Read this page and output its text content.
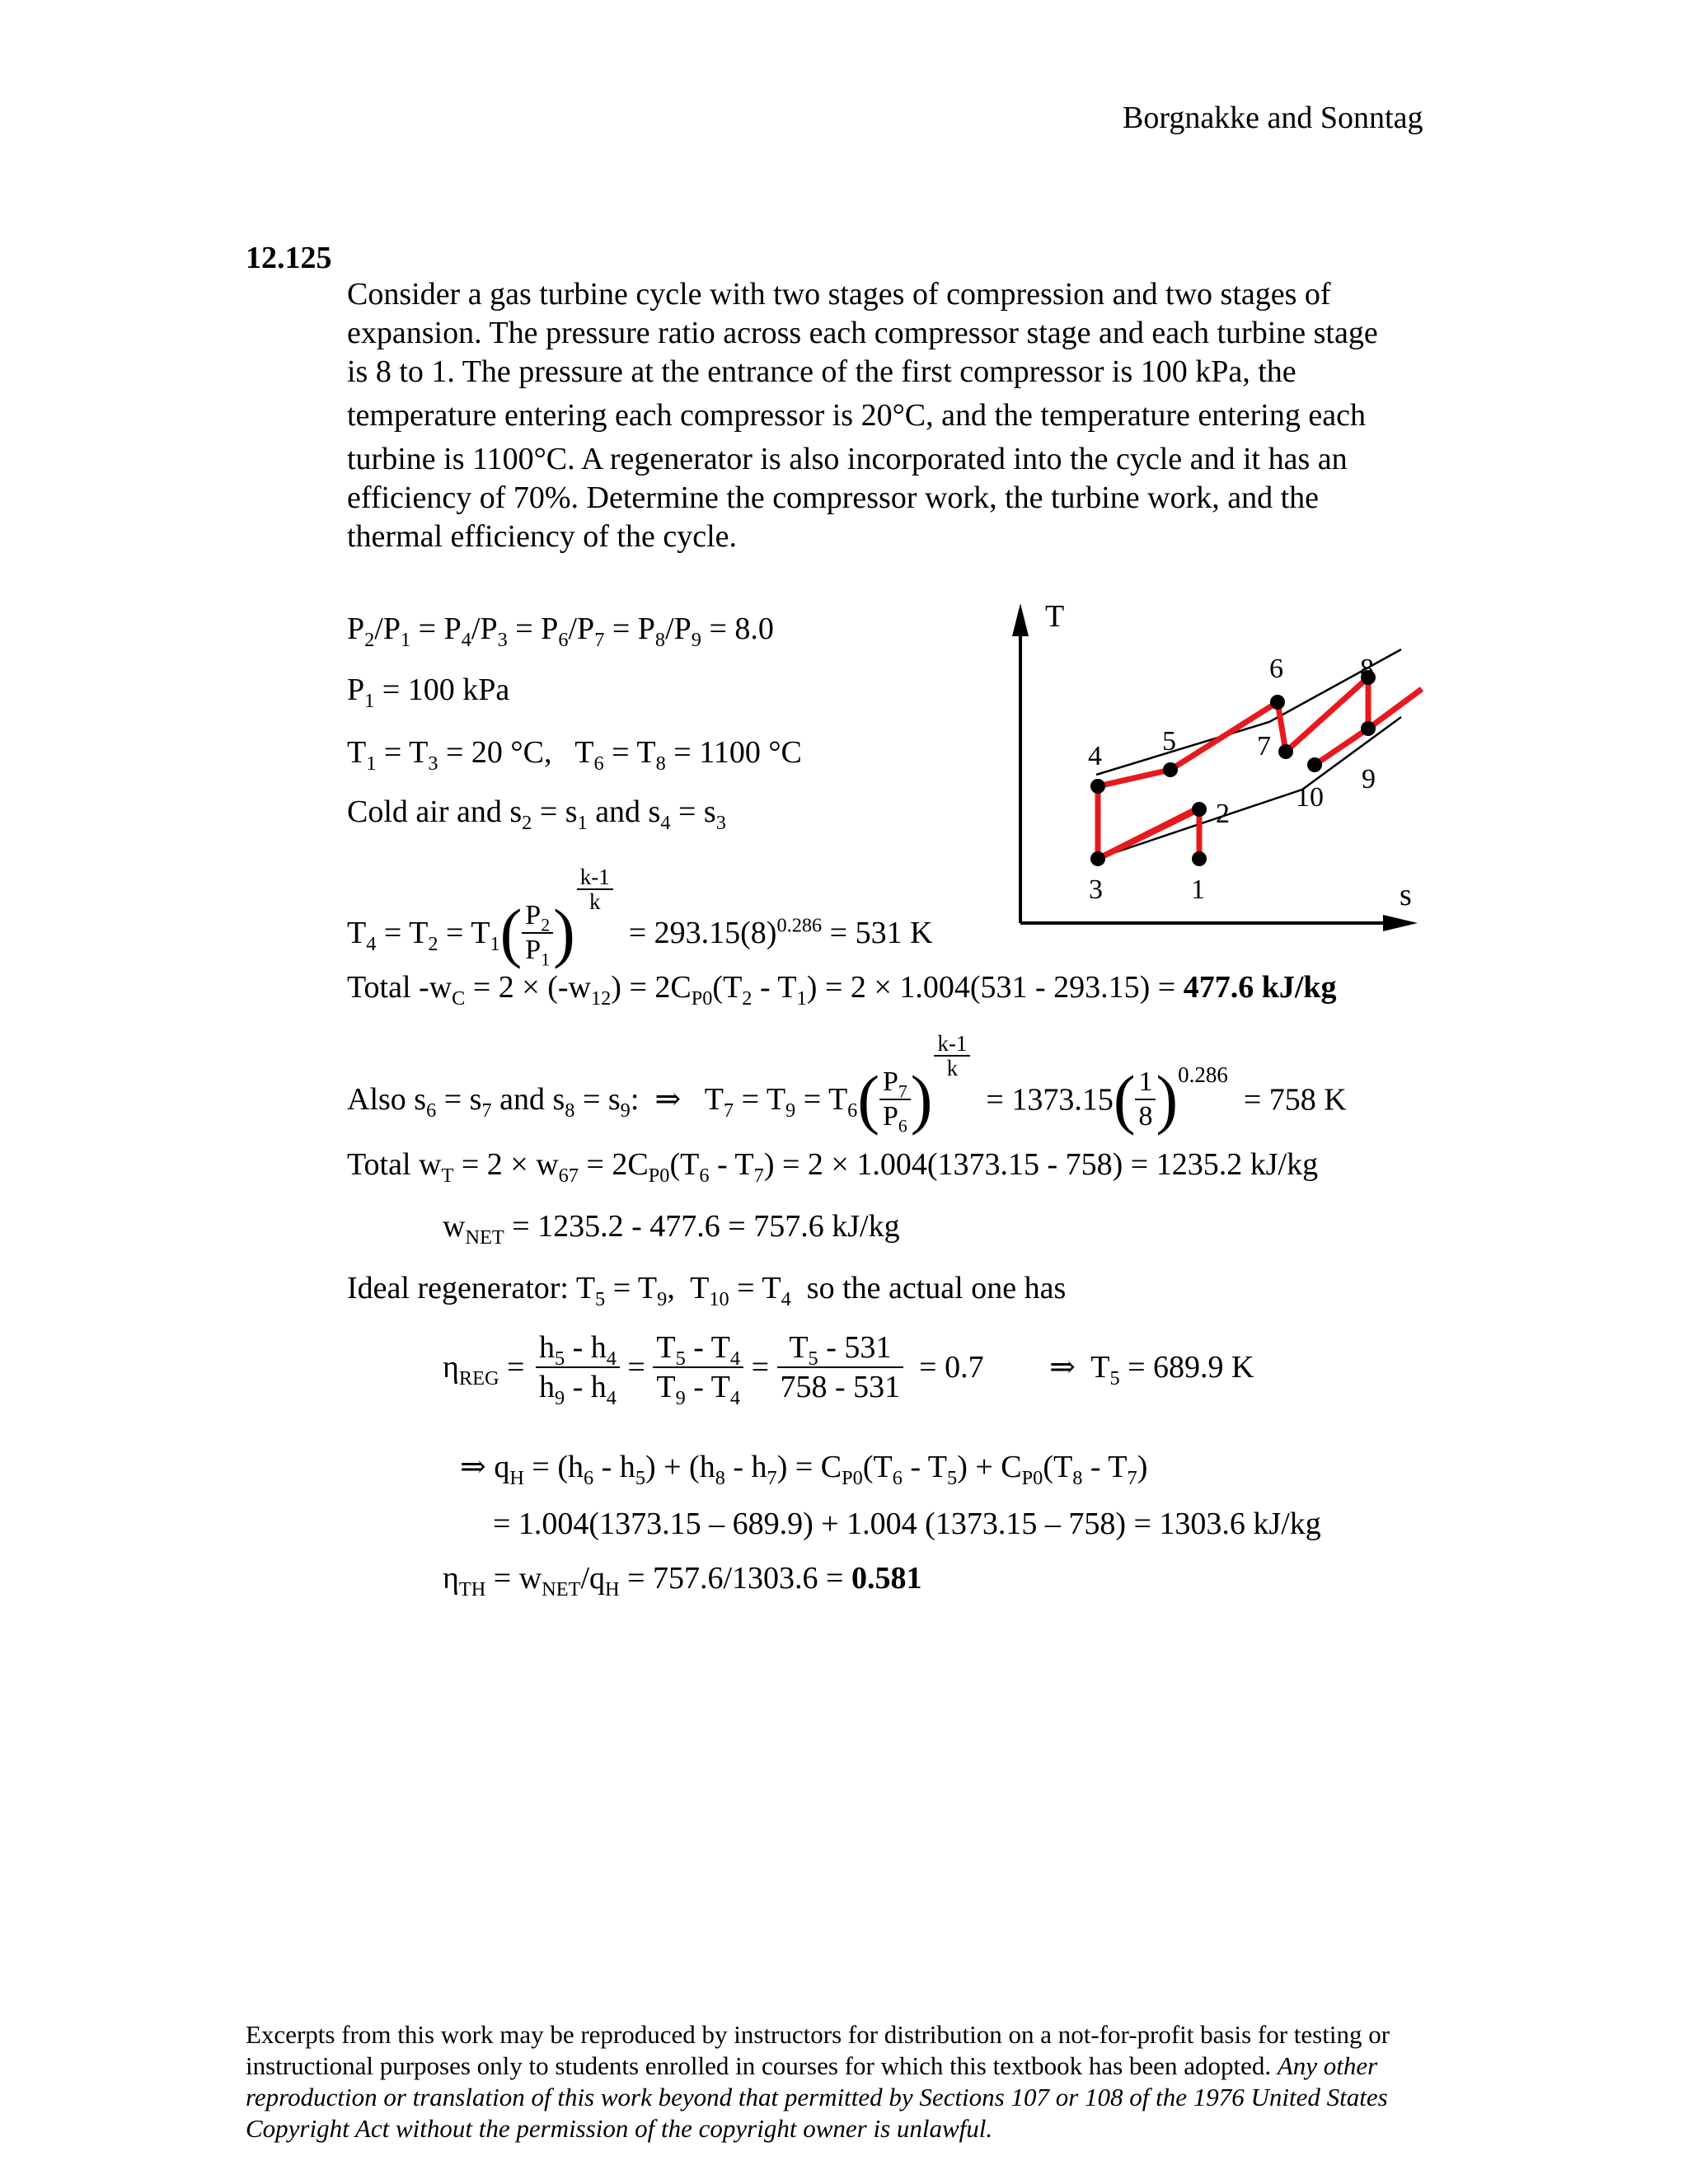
Borgnakke and Sonntag
12.125
Consider a gas turbine cycle with two stages of compression and two stages of
expansion. The pressure ratio across each compressor stage and each turbine stage
is 8 to 1. The pressure at the entrance of the first compressor is 100 kPa, the
temperature entering each compressor is 20°C, and the temperature entering each
turbine is 1100°C. A regenerator is also incorporated into the cycle and it has an
efficiency of 70%. Determine the compressor work, the turbine work, and the
thermal efficiency of the cycle.
$P_2/P_1 = P_4/P_3 = P_6/P_7 = P_8/P_9 = 8.0$
$P_1 = 100$ kPa
$T_1 = T_3 = 20$ °C,   $T_6 = T_8 = 1100$ °C
Cold air and $s_2 = s_1$ and $s_4 = s_3$
$T_4 = T_2 = T_1( \frac{P_2}{P_1}$ )
$\frac{k-1}{k}$
= $293.15(8)^{0.286} = 531$ K
Total $-w_C = 2 \times (-w_{12}) = 2C_{P0}(T_2 - T_1) = 2 \times 1.004(531 - 293.15) = 477.6$ kJ/kg
Also $s_6 = s_7$ and $s_8 = s_9$:  ⇒   $T_7 = T_9 = T_6( \frac{P_7}{P_6}$ )
$\frac{k-1}{k}$
= $1373.15( \frac{1}{8} )^{0.286} = 758$ K
Total $w_T = 2 \times w_{67} = 2C_{P0}(T_6 - T_7) = 2 \times 1.004(1373.15 - 758) = 1235.2$ kJ/kg
$w_{NET} = 1235.2 - 477.6 = 757.6$ kJ/kg
Ideal regenerator: $T_5 = T_9$,  $T_{10} = T_4$ so the actual one has
$\eta_{REG} = \frac{h_5 - h_4}{h_9 - h_4} = \frac{T_5 - T_4}{T_9 - T_4} = \frac{T_5 - 531}{758 - 531} = 0.7$ ⇒  $T_5 = 689.9$ K
⇒ $q_H = (h_6 - h_5) + (h_8 - h_7) = C_{P0}(T_6 - T_5) + C_{P0}(T_8 - T_7)$
= 1.004(1373.15 – 689.9) + 1.004 (1373.15 – 758) = 1303.6 kJ/kg
$\eta_{TH} = w_{NET}/q_H = 757.6/1303.6 = 0.581$
T
s
1
2
3
4 5
6
7
8
9
10
Excerpts from this work may be reproduced by instructors for distribution on a not-for-profit basis for testing or instructional purposes only to students enrolled in courses for which this textbook has been adopted. Any other reproduction or translation of this work beyond that permitted by Sections 107 or 108 of the 1976 United States Copyright Act without the permission of the copyright owner is unlawful.
